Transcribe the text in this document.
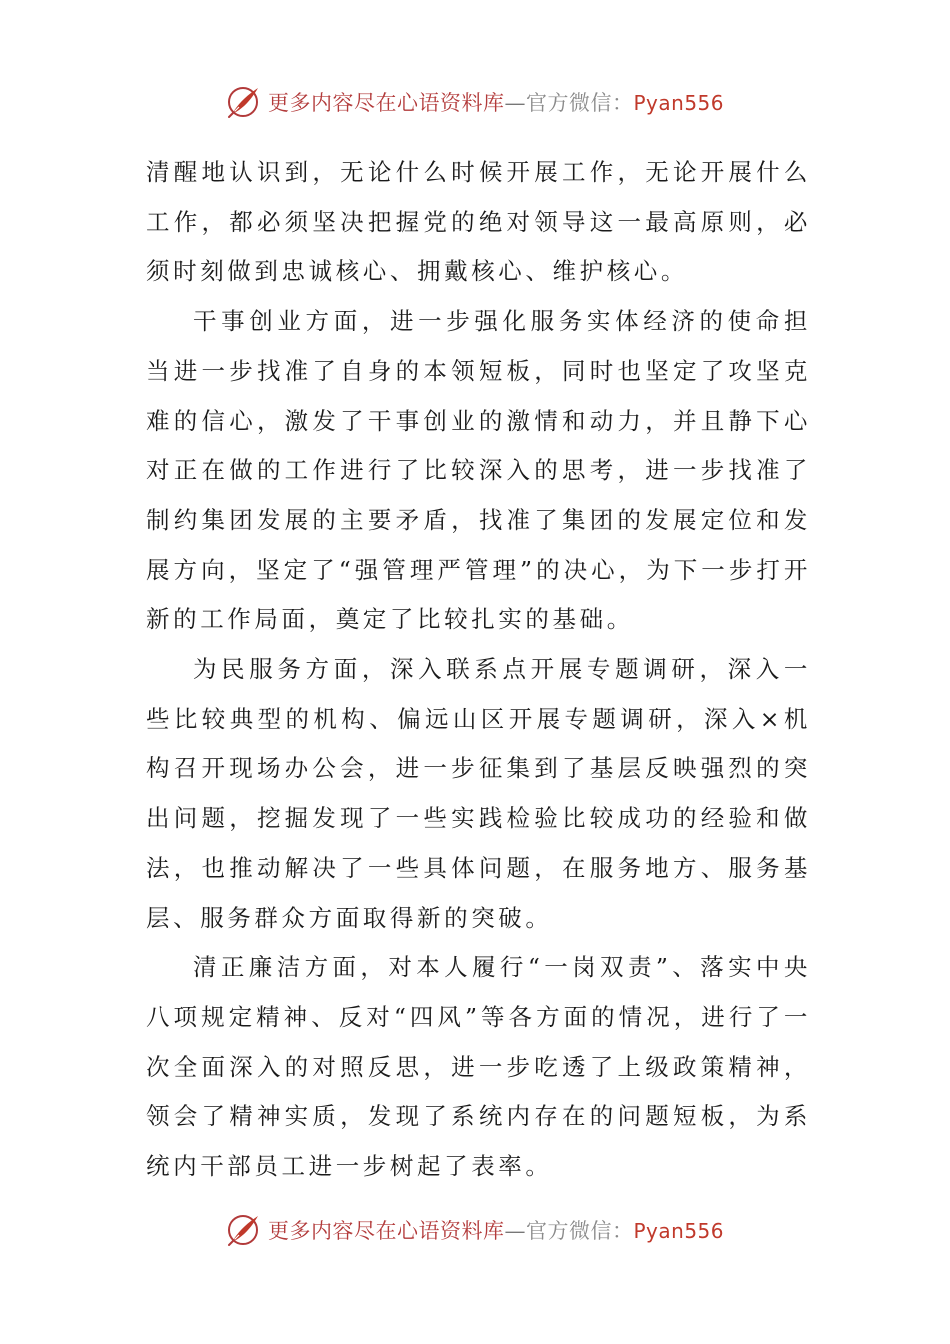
更多内容尽在心语资料库—官方微信：Pyan556

清醒地认识到，无论什么时候开展工作，无论开展什么工作，都必须坚决把握党的绝对领导这一最高原则，必须时刻做到忠诚核心、拥戴核心、维护核心。

干事创业方面，进一步强化服务实体经济的使命担当进一步找准了自身的本领短板，同时也坚定了攻坚克难的信心，激发了干事创业的激情和动力，并且静下心对正在做的工作进行了比较深入的思考，进一步找准了制约集团发展的主要矛盾，找准了集团的发展定位和发展方向，坚定了“强管理严管理”的决心，为下一步打开新的工作局面，奠定了比较扎实的基础。

为民服务方面，深入联系点开展专题调研，深入一些比较典型的机构、偏远山区开展专题调研，深入×机构召开现场办公会，进一步征集到了基层反映强烈的突出问题，挖掘发现了一些实践检验比较成功的经验和做法，也推动解决了一些具体问题，在服务地方、服务基层、服务群众方面取得新的突破。

清正廉洁方面，对本人履行“一岗双责”、落实中央八项规定精神、反对“四风”等各方面的情况，进行了一次全面深入的对照反思，进一步吃透了上级政策精神，领会了精神实质，发现了系统内存在的问题短板，为系统内干部员工进一步树起了表率。

更多内容尽在心语资料库—官方微信：Pyan556
